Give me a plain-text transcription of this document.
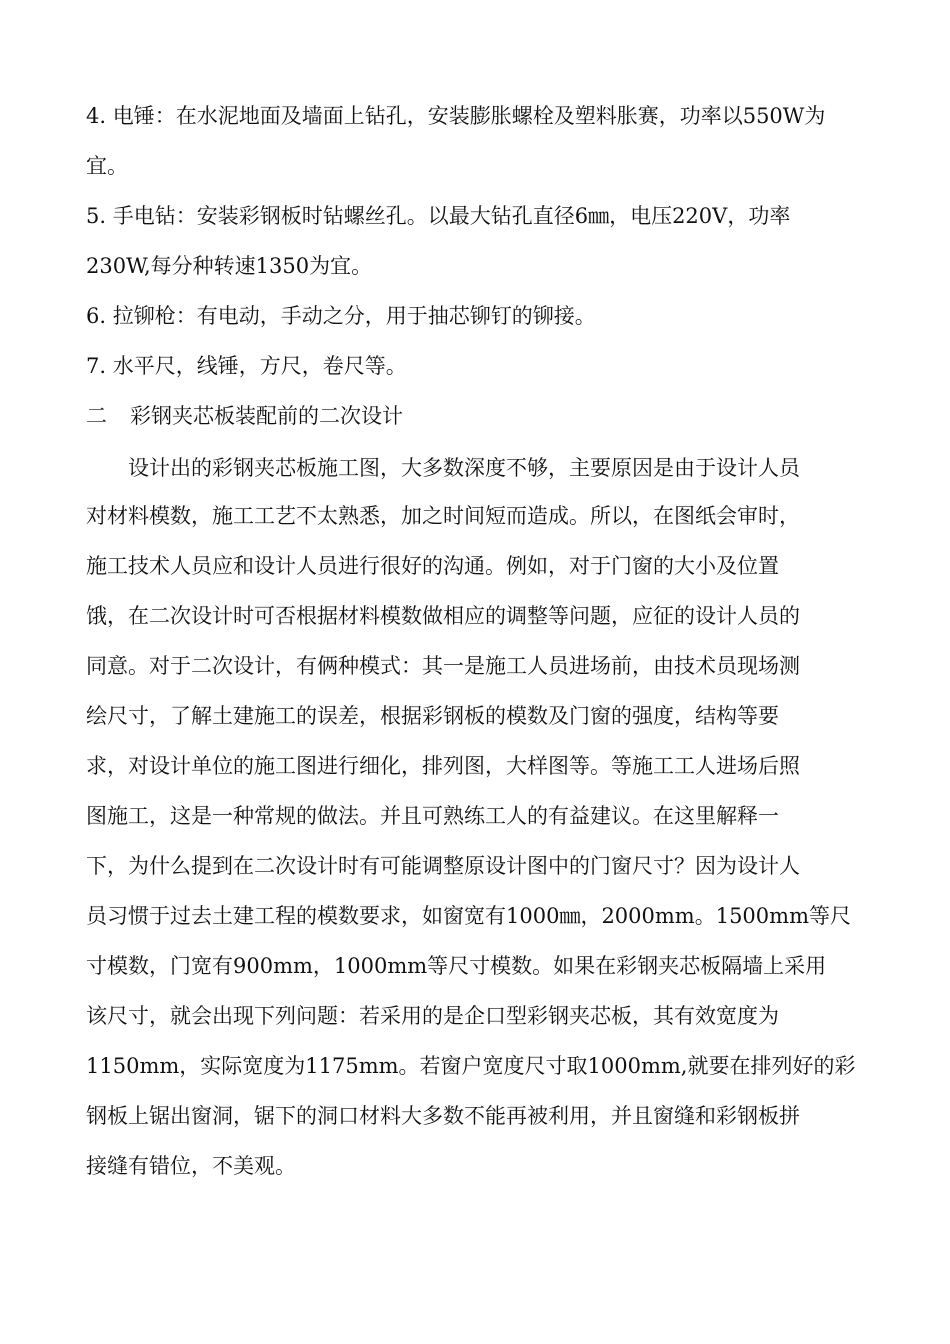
4. 电锤：在水泥地面及墙面上钻孔，安装膨胀螺栓及塑料胀赛，功率以550W为
宜。
5. 手电钻：安装彩钢板时钻螺丝孔。以最大钻孔直径6㎜，电压220V，功率
230W,每分种转速1350为宜。
6. 拉铆枪：有电动，手动之分，用于抽芯铆钉的铆接。
7. 水平尺，线锤，方尺，卷尺等。
二 彩钢夹芯板装配前的二次设计
设计出的彩钢夹芯板施工图，大多数深度不够，主要原因是由于设计人员
对材料模数，施工工艺不太熟悉，加之时间短而造成。所以，在图纸会审时，
施工技术人员应和设计人员进行很好的沟通。例如，对于门窗的大小及位置
饿，在二次设计时可否根据材料模数做相应的调整等问题，应征的设计人员的
同意。对于二次设计，有俩种模式：其一是施工人员进场前，由技术员现场测
绘尺寸，了解土建施工的误差，根据彩钢板的模数及门窗的强度，结构等要
求，对设计单位的施工图进行细化，排列图，大样图等。等施工工人进场后照
图施工，这是一种常规的做法。并且可熟练工人的有益建议。在这里解释一
下，为什么提到在二次设计时有可能调整原设计图中的门窗尺寸？因为设计人
员习惯于过去土建工程的模数要求，如窗宽有1000㎜，2000mm。1500mm等尺
寸模数，门宽有900mm，1000mm等尺寸模数。如果在彩钢夹芯板隔墙上采用
该尺寸，就会出现下列问题：若采用的是企口型彩钢夹芯板，其有效宽度为
1150mm，实际宽度为1175mm。若窗户宽度尺寸取1000mm,就要在排列好的彩
钢板上锯出窗洞，锯下的洞口材料大多数不能再被利用，并且窗缝和彩钢板拼
接缝有错位，不美观。
